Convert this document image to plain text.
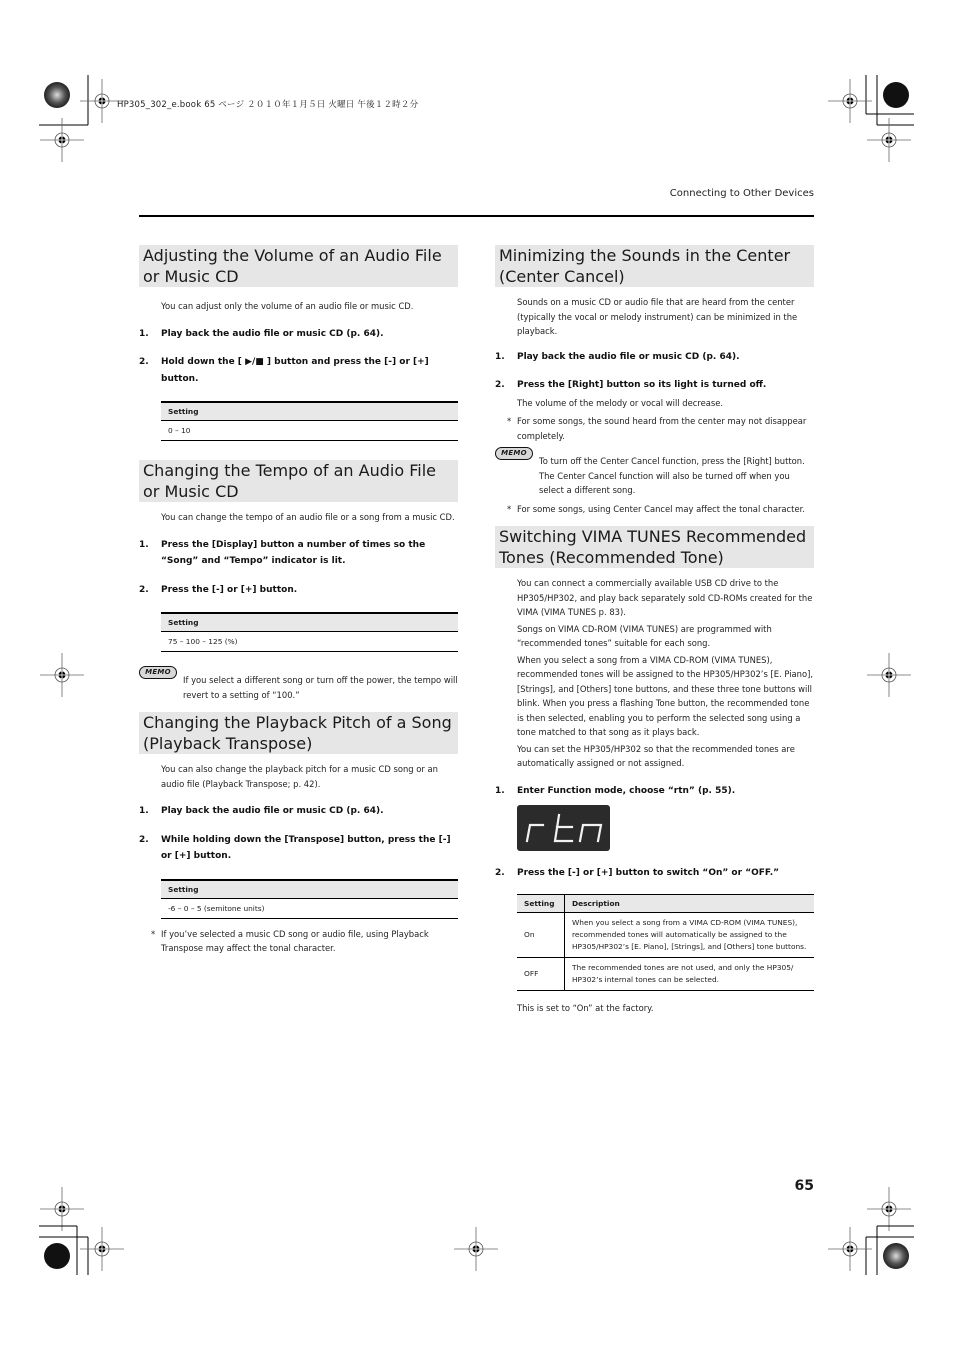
HP305_302_e.book 65 ページ ２０１０年１月５日 火曜日 午後１２時２分
Connecting to Other Devices
Adjusting the Volume of an Audio File or Music CD
You can adjust only the volume of an audio file or music CD.
1. Play back the audio file or music CD (p. 64).
2. Hold down the [ ▶/■ ] button and press the [-] or [+] button.
Setting
0 – 10
Changing the Tempo of an Audio File or Music CD
You can change the tempo of an audio file or a song from a music CD.
1. Press the [Display] button a number of times so the “Song” and “Tempo” indicator is lit.
2. Press the [-] or [+] button.
Setting
75 – 100 – 125 (%)
MEMO
If you select a different song or turn off the power, the tempo will revert to a setting of “100.”
Changing the Playback Pitch of a Song (Playback Transpose)
You can also change the playback pitch for a music CD song or an audio file (Playback Transpose; p. 42).
1. Play back the audio file or music CD (p. 64).
2. While holding down the [Transpose] button, press the [-] or [+] button.
Setting
-6 – 0 – 5 (semitone units)
* If you’ve selected a music CD song or audio file, using Playback Transpose may affect the tonal character.
Minimizing the Sounds in the Center (Center Cancel)
Sounds on a music CD or audio file that are heard from the center (typically the vocal or melody instrument) can be minimized in the playback.
1. Play back the audio file or music CD (p. 64).
2. Press the [Right] button so its light is turned off.
The volume of the melody or vocal will decrease.
* For some songs, the sound heard from the center may not disappear completely.
MEMO
To turn off the Center Cancel function, press the [Right] button. The Center Cancel function will also be turned off when you select a different song.
* For some songs, using Center Cancel may affect the tonal character.
Switching VIMA TUNES Recommended Tones (Recommended Tone)
You can connect a commercially available USB CD drive to the HP305/HP302, and play back separately sold CD-ROMs created for the VIMA (VIMA TUNES p. 83).
Songs on VIMA CD-ROM (VIMA TUNES) are programmed with “recommended tones” suitable for each song.
When you select a song from a VIMA CD-ROM (VIMA TUNES), recommended tones will be assigned to the HP305/HP302’s [E. Piano], [Strings], and [Others] tone buttons, and these three tone buttons will blink. When you press a flashing Tone button, the recommended tone is then selected, enabling you to perform the selected song using a tone matched to that song as it plays back.
You can set the HP305/HP302 so that the recommended tones are automatically assigned or not assigned.
1. Enter Function mode, choose “rtn” (p. 55).
2. Press the [-] or [+] button to switch “On” or “OFF.”
Setting	Description
On	When you select a song from a VIMA CD-ROM (VIMA TUNES), recommended tones will automatically be assigned to the HP305/HP302’s [E. Piano], [Strings], and [Others] tone buttons.
OFF	The recommended tones are not used, and only the HP305/ HP302’s internal tones can be selected.
This is set to “On” at the factory.
65
